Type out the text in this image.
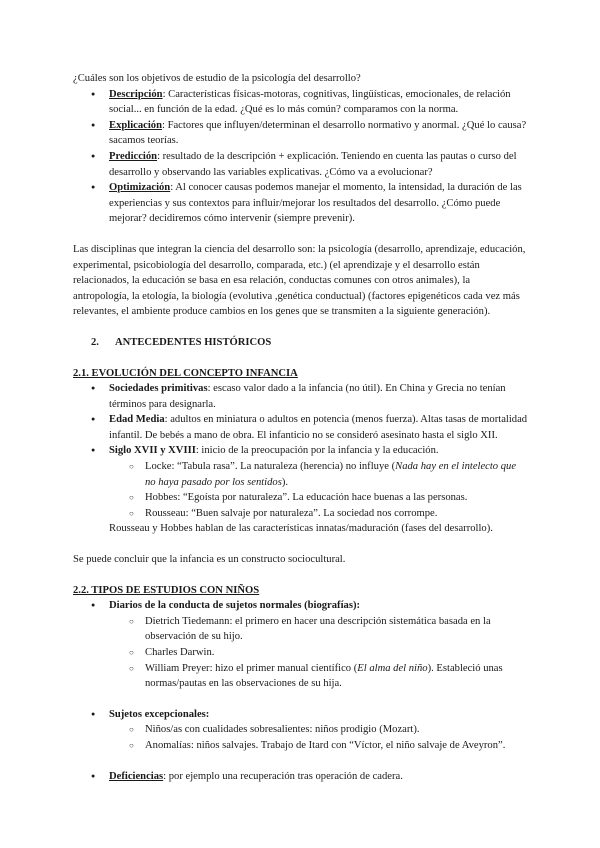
¿Cuáles son los objetivos de estudio de la psicología del desarrollo?

● Descripción: Características físicas-motoras, cognitivas, lingüísticas, emocionales, de relación social... en función de la edad. ¿Qué es lo más común? comparamos con la norma.
● Explicación: Factores que influyen/determinan el desarrollo normativo y anormal. ¿Qué lo causa? sacamos teorías.
● Predicción: resultado de la descripción + explicación. Teniendo en cuenta las pautas o curso del desarrollo y observando las variables explicativas. ¿Cómo va a evolucionar?
● Optimización: Al conocer causas podemos manejar el momento, la intensidad, la duración de las experiencias y sus contextos para influir/mejorar los resultados del desarrollo. ¿Cómo puede mejorar? decidiremos cómo intervenir (siempre prevenir).

Las disciplinas que integran la ciencia del desarrollo son: la psicología (desarrollo, aprendizaje, educación, experimental, psicobiología del desarrollo, comparada, etc.) (el aprendizaje y el desarrollo están relacionados, la educación se basa en esa relación, conductas comunes con otros animales), la antropología, la etología, la biología (evolutiva ,genética conductual) (factores epigenéticos cada vez más relevantes, el ambiente produce cambios en los genes que se transmiten a la siguiente generación).

2. ANTECEDENTES HISTÓRICOS

2.1. EVOLUCIÓN DEL CONCEPTO INFANCIA

● Sociedades primitivas: escaso valor dado a la infancia (no útil). En China y Grecia no tenían términos para designarla.
● Edad Media: adultos en miniatura o adultos en potencia (menos fuerza). Altas tasas de mortalidad infantil. De bebés a mano de obra. El infanticio no se consideró asesinato hasta el siglo XII.
● Siglo XVII y XVIII: inicio de la preocupación por la infancia y la educación.
○ Locke: “Tabula rasa”. La naturaleza (herencia) no influye (Nada hay en el intelecto que no haya pasado por los sentidos).
○ Hobbes: “Egoísta por naturaleza”. La educación hace buenas a las personas.
○ Rousseau: “Buen salvaje por naturaleza”. La sociedad nos corrompe.

Rousseau y Hobbes hablan de las características innatas/maduración (fases del desarrollo).

Se puede concluir que la infancia es un constructo sociocultural.

2.2. TIPOS DE ESTUDIOS CON NIÑOS

● Diarios de la conducta de sujetos normales (biografías):
○ Dietrich Tiedemann: el primero en hacer una descripción sistemática basada en la observación de su hijo.
○ Charles Darwin.
○ William Preyer: hizo el primer manual científico (El alma del niño). Estableció unas normas/pautas en las observaciones de su hija.
● Sujetos excepcionales:
○ Niños/as con cualidades sobresalientes: niños prodigio (Mozart).
○ Anomalías: niños salvajes. Trabajo de Itard con “Víctor, el niño salvaje de Aveyron”.
● Deficiencias: por ejemplo una recuperación tras operación de cadera.
